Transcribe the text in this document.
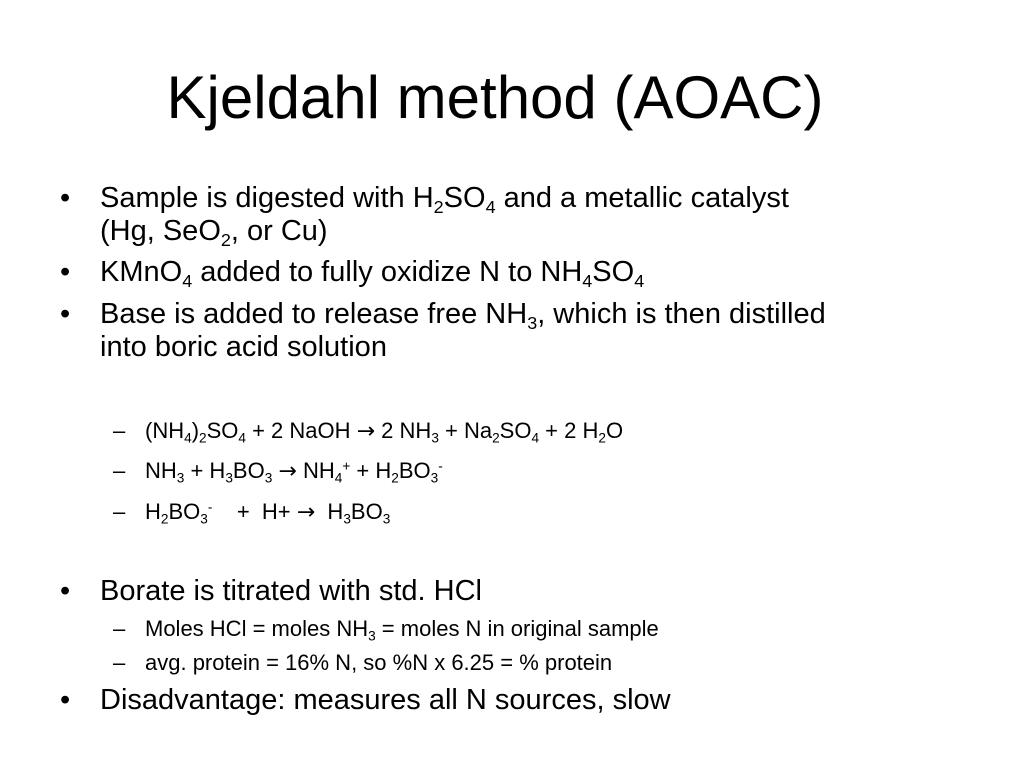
Kjeldahl method (AOAC)
• Sample is digested with $H_2SO_4$ and a metallic catalyst
(Hg, SeO$_2$, or Cu)
• KMnO$_4$ added to fully oxidize N to $NH_4SO_4$
• Base is added to release free $NH_3$, which is then distilled
into boric acid solution
– $(NH_4)_2SO_4 + 2$ NaOH → 2 $NH_3 + Na_2SO_4 + 2$ $H_2O$
– $NH_3 + H_3BO_3 \to NH_4^+ + H_2BO_3^-$
– $H_2BO_3^-$    +  $H+ \to H_3BO_3$
• Borate is titrated with std. HCl
– Moles HCl = moles $NH_3$ = moles N in original sample
– avg. protein = 16% N, so %N x 6.25 = % protein
• Disadvantage: measures all N sources, slow
